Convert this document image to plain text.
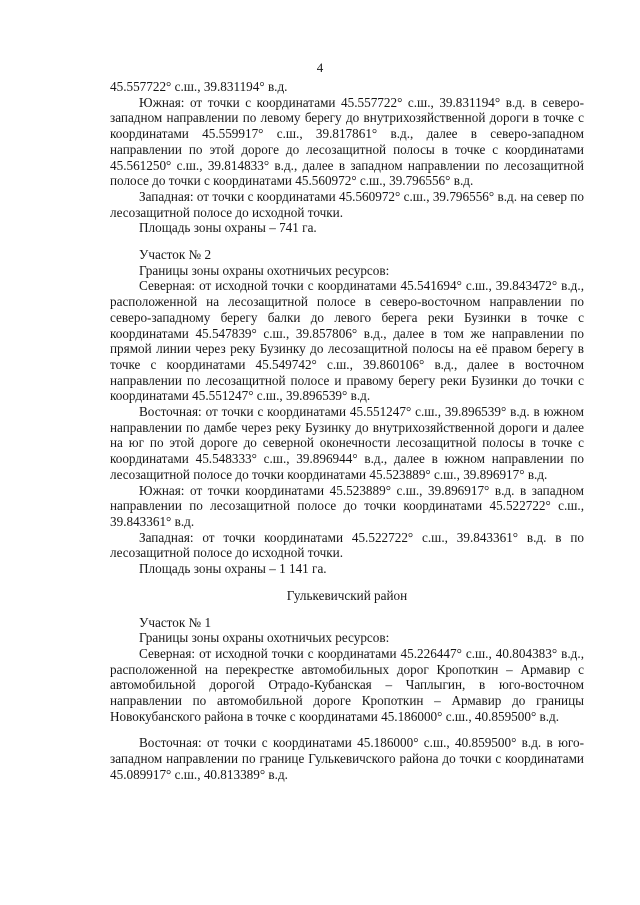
4

45.557722° с.ш., 39.831194° в.д.

Южная: от точки с координатами 45.557722° с.ш., 39.831194° в.д. в северо-западном направлении по левому берегу до внутрихозяйственной дороги в точке с координатами 45.559917° с.ш., 39.817861° в.д., далее в северо-западном направлении по этой дороге до лесозащитной полосы в точке с координатами 45.561250° с.ш., 39.814833° в.д., далее в западном направлении по лесозащитной полосе до точки с координатами 45.560972° с.ш., 39.796556° в.д.

Западная: от точки с координатами 45.560972° с.ш., 39.796556° в.д. на север по лесозащитной полосе до исходной точки.

Площадь зоны охраны – 741 га.

Участок № 2

Границы зоны охраны охотничьих ресурсов:

Северная: от исходной точки с координатами 45.541694° с.ш., 39.843472° в.д., расположенной на лесозащитной полосе в северо-восточном направлении по северо-западному берегу балки до левого берега реки Бузинки в точке с координатами 45.547839° с.ш., 39.857806° в.д., далее в том же направлении по прямой линии через реку Бузинку до лесозащитной полосы на её правом берегу в точке с координатами 45.549742° с.ш., 39.860106° в.д., далее в восточном направлении по лесозащитной полосе и правому берегу реки Бузинки до точки с координатами 45.551247° с.ш., 39.896539° в.д.

Восточная: от точки с координатами 45.551247° с.ш., 39.896539° в.д. в южном направлении по дамбе через реку Бузинку до внутрихозяйственной дороги и далее на юг по этой дороге до северной оконечности лесозащитной полосы в точке с координатами 45.548333° с.ш., 39.896944° в.д., далее в южном направлении по лесозащитной полосе до точки координатами 45.523889° с.ш., 39.896917° в.д.

Южная: от точки координатами 45.523889° с.ш., 39.896917° в.д. в западном направлении по лесозащитной полосе до точки координатами 45.522722° с.ш., 39.843361° в.д.

Западная: от точки координатами 45.522722° с.ш., 39.843361° в.д. в по лесозащитной полосе до исходной точки.

Площадь зоны охраны – 1 141 га.

Гулькевичский район

Участок № 1

Границы зоны охраны охотничьих ресурсов:

Северная: от исходной точки с координатами 45.226447° с.ш., 40.804383° в.д., расположенной на перекрестке автомобильных дорог Кропоткин – Армавир с автомобильной дорогой Отрадо-Кубанская – Чаплыгин, в юго-восточном направлении по автомобильной дороге Кропоткин – Армавир до границы Новокубанского района в точке с координатами 45.186000° с.ш., 40.859500° в.д.

Восточная: от точки с координатами 45.186000° с.ш., 40.859500° в.д. в юго-западном направлении по границе Гулькевичского района до точки с координатами 45.089917° с.ш., 40.813389° в.д.
